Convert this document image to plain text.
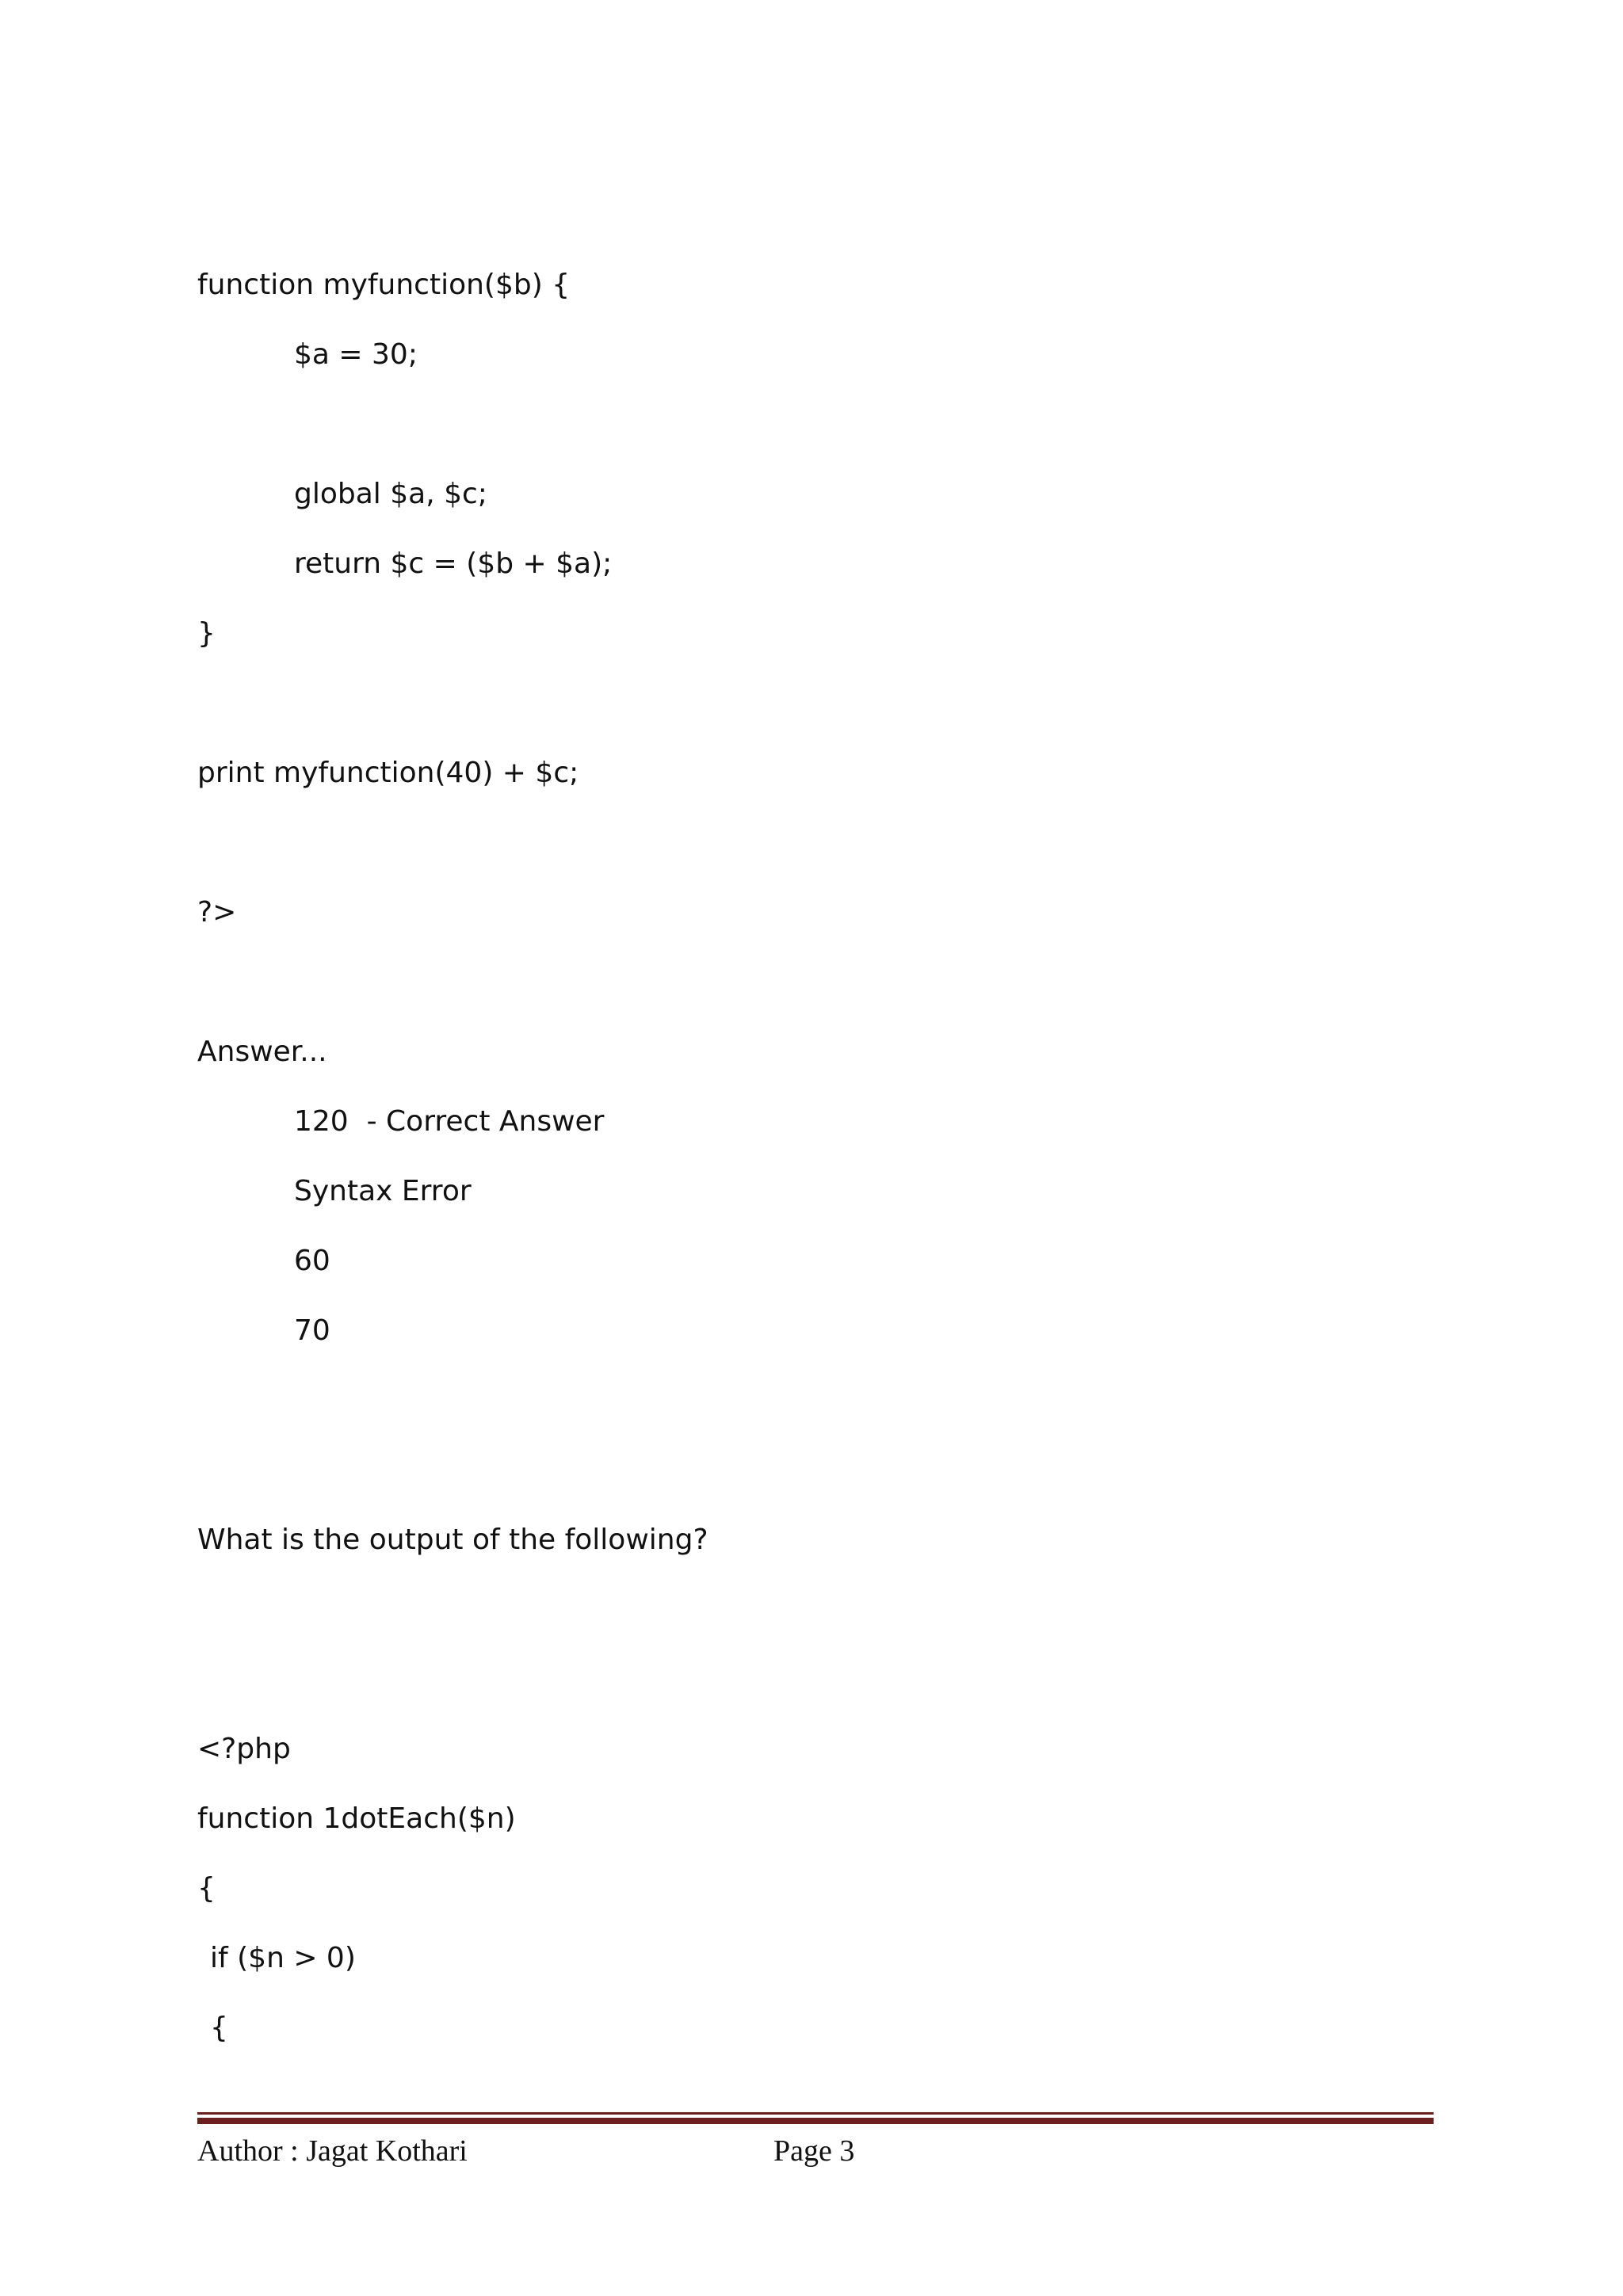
function myfunction($b) {
$a = 30;
global $a, $c;
return $c = ($b + $a);
}
print myfunction(40) + $c;
?>
Answer...
120  - Correct Answer
Syntax Error
60
70
What is the output of the following?
<?php
function 1dotEach($n)
{
if ($n > 0)
{
Author : Jagat Kothari	Page 3
